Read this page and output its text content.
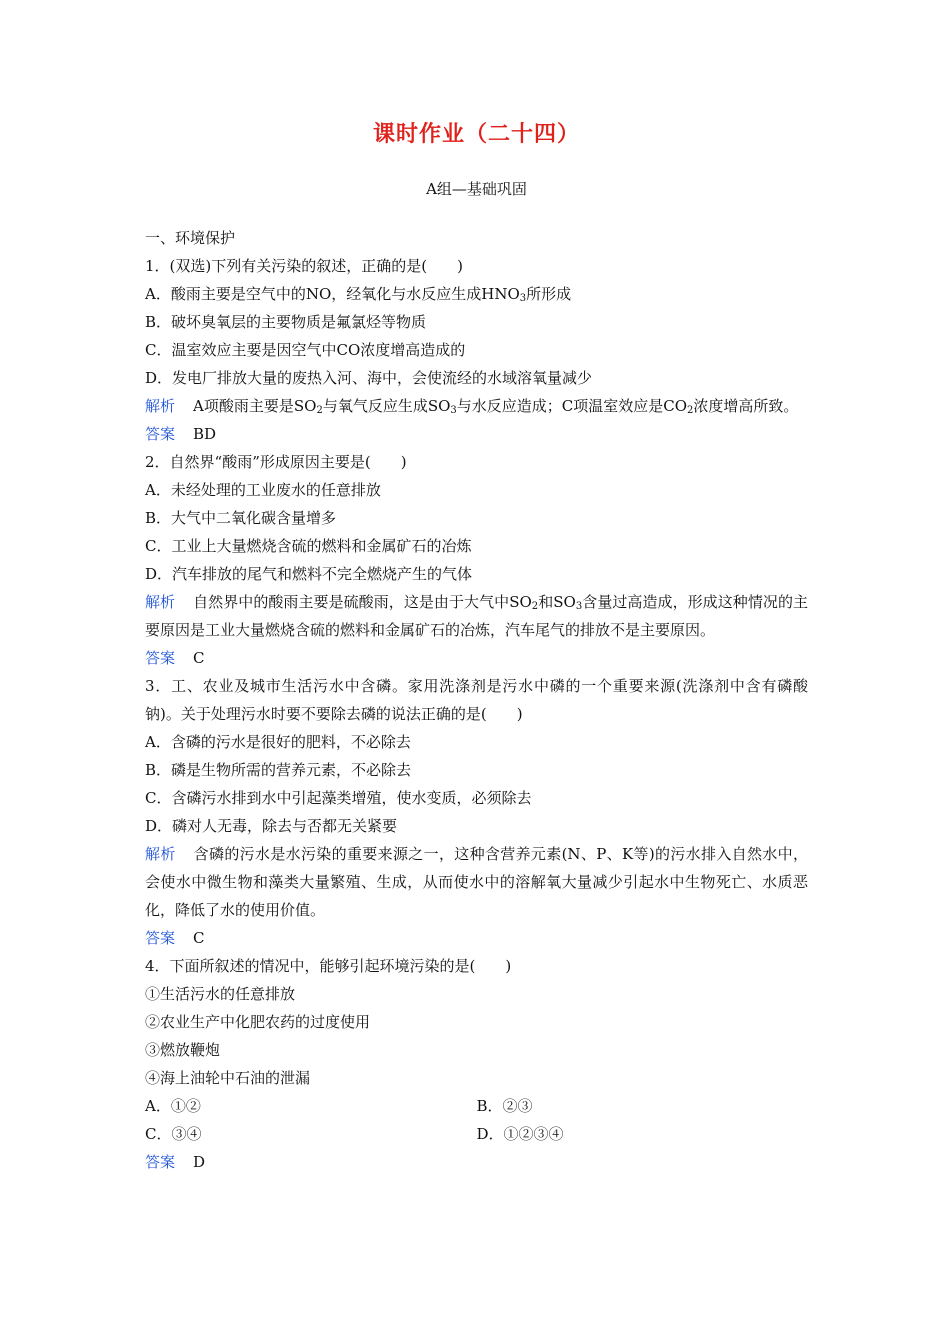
课时作业（二十四）
A组—基础巩固
一、环境保护
1．(双选)下列有关污染的叙述，正确的是(　　)
A．酸雨主要是空气中的NO，经氧化与水反应生成$HNO_3$所形成
B．破坏臭氧层的主要物质是氟氯烃等物质
C．温室效应主要是因空气中CO浓度增高造成的
D．发电厂排放大量的废热入河、海中，会使流经的水域溶氧量减少
解析 A项酸雨主要是$SO_2$与氧气反应生成$SO_3$与水反应造成；C项温室效应是$CO_2$浓度增高所致。
答案 BD
2．自然界“酸雨”形成原因主要是(　　)
A．未经处理的工业废水的任意排放
B．大气中二氧化碳含量增多
C．工业上大量燃烧含硫的燃料和金属矿石的冶炼
D．汽车排放的尾气和燃料不完全燃烧产生的气体
解析 自然界中的酸雨主要是硫酸雨，这是由于大气中$SO_2$和$SO_3$含量过高造成，形成这种情况的主要原因是工业大量燃烧含硫的燃料和金属矿石的冶炼，汽车尾气的排放不是主要原因。
答案 C
3．工、农业及城市生活污水中含磷。家用洗涤剂是污水中磷的一个重要来源(洗涤剂中含有磷酸钠)。关于处理污水时要不要除去磷的说法正确的是(　　)
A．含磷的污水是很好的肥料，不必除去
B．磷是生物所需的营养元素，不必除去
C．含磷污水排到水中引起藻类增殖，使水变质，必须除去
D．磷对人无毒，除去与否都无关紧要
解析 含磷的污水是水污染的重要来源之一，这种含营养元素(N、P、K等)的污水排入自然水中，会使水中微生物和藻类大量繁殖、生成，从而使水中的溶解氧大量减少引起水中生物死亡、水质恶化，降低了水的使用价值。
答案 C
4．下面所叙述的情况中，能够引起环境污染的是(　　)
①生活污水的任意排放
②农业生产中化肥农药的过度使用
③燃放鞭炮
④海上油轮中石油的泄漏
A．①②	B．②③
C．③④	D．①②③④
答案 D
